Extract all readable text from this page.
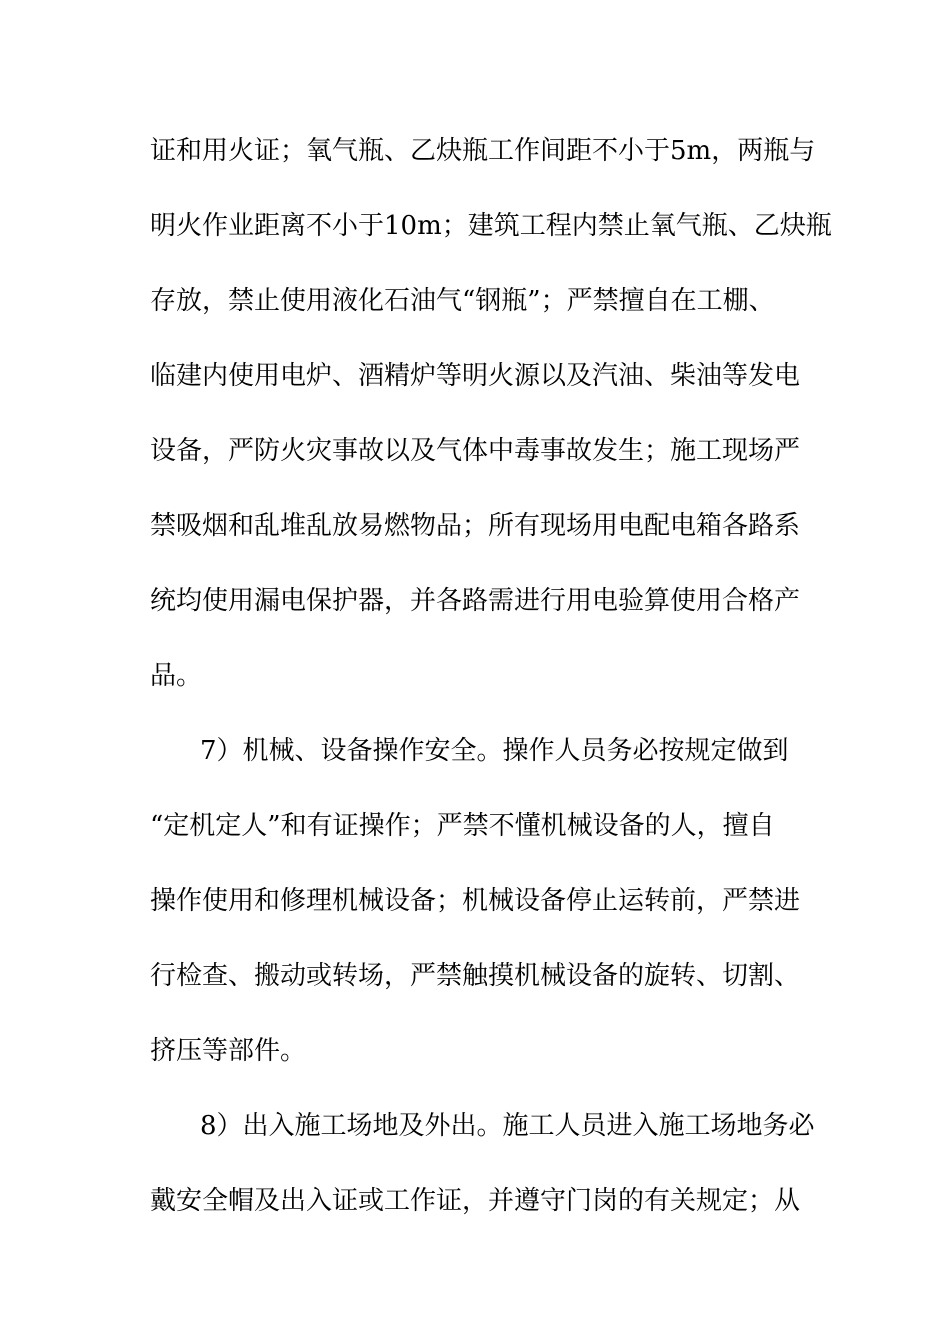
证和用火证；氧气瓶、乙炔瓶工作间距不小于5m，两瓶与
明火作业距离不小于10m；建筑工程内禁止氧气瓶、乙炔瓶
存放，禁止使用液化石油气“钢瓶”；严禁擅自在工棚、
临建内使用电炉、酒精炉等明火源以及汽油、柴油等发电
设备，严防火灾事故以及气体中毒事故发生；施工现场严
禁吸烟和乱堆乱放易燃物品；所有现场用电配电箱各路系
统均使用漏电保护器，并各路需进行用电验算使用合格产
品。
7）机械、设备操作安全。操作人员务必按规定做到
“定机定人”和有证操作；严禁不懂机械设备的人，擅自
操作使用和修理机械设备；机械设备停止运转前，严禁进
行检查、搬动或转场，严禁触摸机械设备的旋转、切割、
挤压等部件。
8）出入施工场地及外出。施工人员进入施工场地务必
戴安全帽及出入证或工作证，并遵守门岗的有关规定；从
